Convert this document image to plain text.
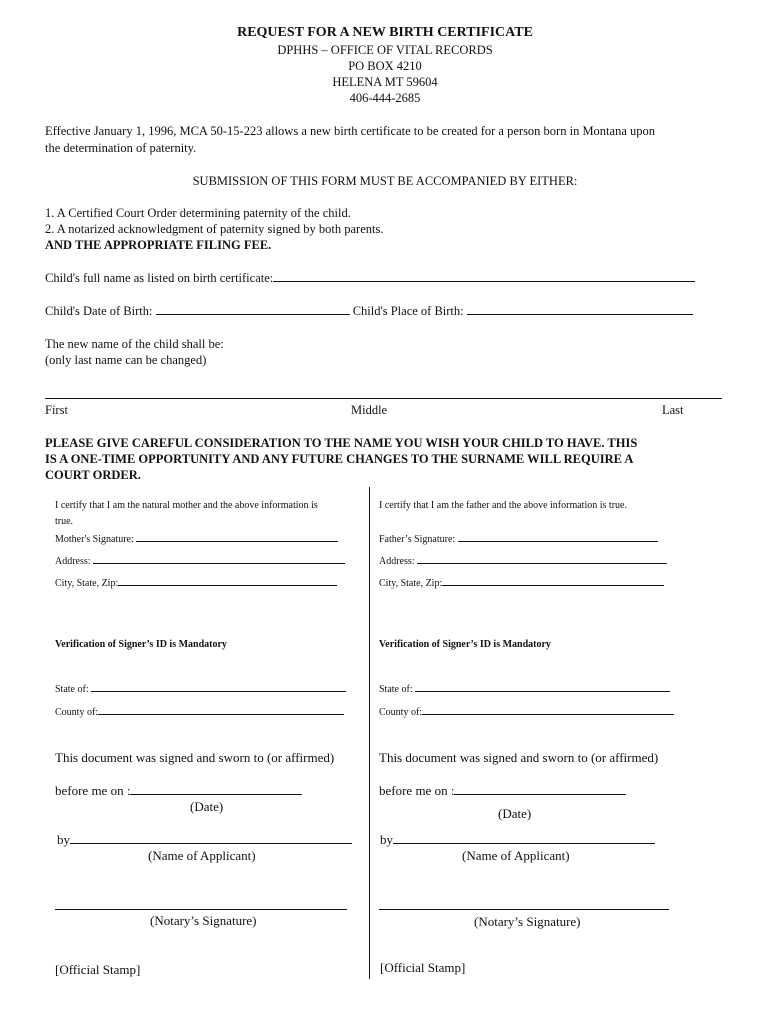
REQUEST FOR A NEW BIRTH CERTIFICATE
DPHHS – OFFICE OF VITAL RECORDS
PO BOX 4210
HELENA MT 59604
406-444-2685
Effective January 1, 1996, MCA 50-15-223 allows a new birth certificate to be created for a person born in Montana upon
the determination of paternity.
SUBMISSION OF THIS FORM MUST BE ACCOMPANIED BY EITHER:
1. A Certified Court Order determining paternity of the child.
2. A notarized acknowledgment of paternity signed by both parents.
AND THE APPROPRIATE FILING FEE.
Child's full name as listed on birth certificate:
Child's Date of Birth:	Child's Place of Birth:
The new name of the child shall be:
(only last name can be changed)
First	Middle	Last
PLEASE GIVE CAREFUL CONSIDERATION TO THE NAME YOU WISH YOUR CHILD TO HAVE. THIS
IS A ONE-TIME OPPORTUNITY AND ANY FUTURE CHANGES TO THE SURNAME WILL REQUIRE A
COURT ORDER.
I certify that I am the natural mother and the above information is
true.
Mother's Signature:
Address:
City, State, Zip:
Verification of Signer’s ID is Mandatory
State of:
County of:
This document was signed and sworn to (or affirmed)
before me on :
(Date)
by
(Name of Applicant)
(Notary’s Signature)
[Official Stamp]
I certify that I am the father and the above information is true.
Father’s Signature:
Address:
City, State, Zip:
Verification of Signer’s ID is Mandatory
State of:
County of:
This document was signed and sworn to (or affirmed)
before me on :
(Date)
by
(Name of Applicant)
(Notary’s Signature)
[Official Stamp]
